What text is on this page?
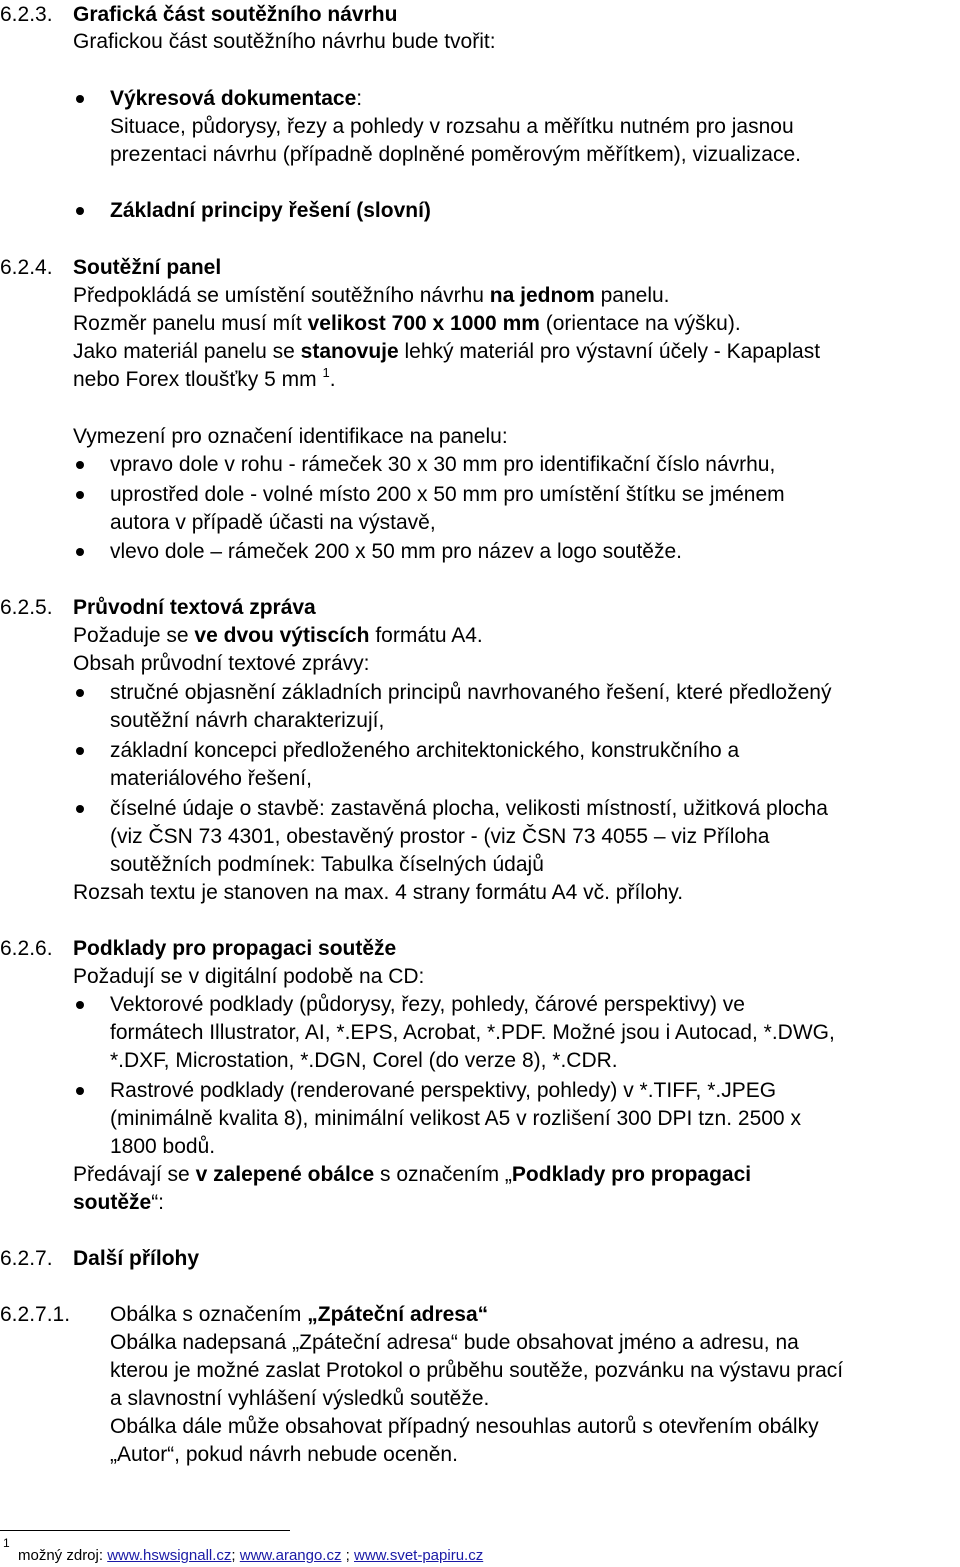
6.2.3. Grafická část soutěžního návrhu
Grafickou část soutěžního návrhu bude tvořit:
Výkresová dokumentace:
Situace, půdorysy, řezy a pohledy v rozsahu a měřítku nutném pro jasnou
prezentaci návrhu (případně doplněné poměrovým měřítkem), vizualizace.
Základní principy řešení (slovní)
6.2.4. Soutěžní panel
Předpokládá se umístění soutěžního návrhu na jednom panelu.
Rozměr panelu musí mít velikost 700 x 1000 mm (orientace na výšku).
Jako materiál panelu se stanovuje lehký materiál pro výstavní účely - Kapaplast
nebo Forex tloušťky 5 mm $^1$.
Vymezení pro označení identifikace na panelu:
vpravo dole v rohu - rámeček 30 x 30 mm pro identifikační číslo návrhu,
uprostřed dole - volné místo 200 x 50 mm pro umístění štítku se jménem
autora v případě účasti na výstavě,
vlevo dole – rámeček 200 x 50 mm pro název a logo soutěže.
6.2.5. Průvodní textová zpráva
Požaduje se ve dvou výtiscích formátu A4.
Obsah průvodní textové zprávy:
stručné objasnění základních principů navrhovaného řešení, které předložený
soutěžní návrh charakterizují,
základní koncepci předloženého architektonického, konstrukčního a
materiálového řešení,
číselné údaje o stavbě: zastavěná plocha, velikosti místností, užitková plocha
(viz ČSN 73 4301, obestavěný prostor - (viz ČSN 73 4055 – viz Příloha
soutěžních podmínek: Tabulka číselných údajů
Rozsah textu je stanoven na max. 4 strany formátu A4 vč. přílohy.
6.2.6. Podklady pro propagaci soutěže
Požadují se v digitální podobě na CD:
Vektorové podklady (půdorysy, řezy, pohledy, čárové perspektivy) ve
formátech Illustrator, AI, *.EPS, Acrobat, *.PDF. Možné jsou i Autocad, *.DWG,
*.DXF, Microstation, *.DGN, Corel (do verze 8), *.CDR.
Rastrové podklady (renderované perspektivy, pohledy) v *.TIFF, *.JPEG
(minimálně kvalita 8), minimální velikost A5 v rozlišení 300 DPI tzn. 2500 x
1800 bodů.
Předávají se v zalepené obálce s označením „Podklady pro propagaci
soutěže“:
6.2.7. Další přílohy
6.2.7.1. Obálka s označením „Zpáteční adresa“
Obálka nadepsaná „Zpáteční adresa“ bude obsahovat jméno a adresu, na
kterou je možné zaslat Protokol o průběhu soutěže, pozvánku na výstavu prací
a slavnostní vyhlášení výsledků soutěže.
Obálka dále může obsahovat případný nesouhlas autorů s otevřením obálky
„Autor“, pokud návrh nebude oceněn.
1
možný zdroj: www.hswsignall.cz; www.arango.cz ; www.svet-papiru.cz
